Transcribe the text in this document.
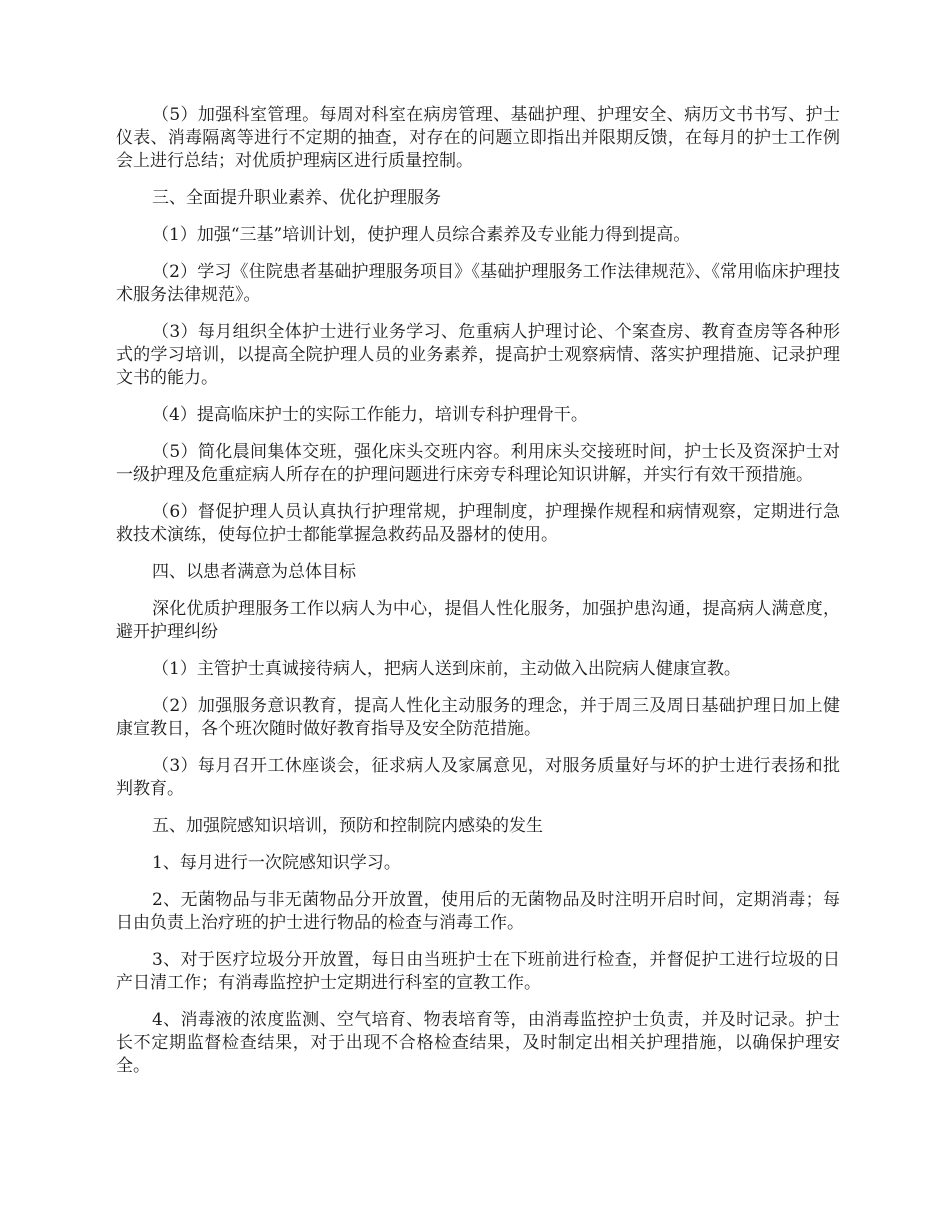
（5）加强科室管理。每周对科室在病房管理、基础护理、护理安全、病历文书书写、护士仪表、消毒隔离等进行不定期的抽查，对存在的问题立即指出并限期反馈，在每月的护士工作例会上进行总结；对优质护理病区进行质量控制。

三、全面提升职业素养、优化护理服务

（1）加强“三基”培训计划，使护理人员综合素养及专业能力得到提高。

（2）学习《住院患者基础护理服务项目》《基础护理服务工作法律规范》、《常用临床护理技术服务法律规范》。

（3）每月组织全体护士进行业务学习、危重病人护理讨论、个案查房、教育查房等各种形式的学习培训，以提高全院护理人员的业务素养，提高护士观察病情、落实护理措施、记录护理文书的能力。

（4）提高临床护士的实际工作能力，培训专科护理骨干。

（5）简化晨间集体交班，强化床头交班内容。利用床头交接班时间，护士长及资深护士对一级护理及危重症病人所存在的护理问题进行床旁专科理论知识讲解，并实行有效干预措施。

（6）督促护理人员认真执行护理常规，护理制度，护理操作规程和病情观察，定期进行急救技术演练，使每位护士都能掌握急救药品及器材的使用。

四、以患者满意为总体目标

深化优质护理服务工作以病人为中心，提倡人性化服务，加强护患沟通，提高病人满意度，避开护理纠纷

（1）主管护士真诚接待病人，把病人送到床前，主动做入出院病人健康宣教。

（2）加强服务意识教育，提高人性化主动服务的理念，并于周三及周日基础护理日加上健康宣教日，各个班次随时做好教育指导及安全防范措施。

（3）每月召开工休座谈会，征求病人及家属意见，对服务质量好与坏的护士进行表扬和批判教育。

五、加强院感知识培训，预防和控制院内感染的发生

1、每月进行一次院感知识学习。

2、无菌物品与非无菌物品分开放置，使用后的无菌物品及时注明开启时间，定期消毒；每日由负责上治疗班的护士进行物品的检查与消毒工作。

3、对于医疗垃圾分开放置，每日由当班护士在下班前进行检查，并督促护工进行垃圾的日产日清工作；有消毒监控护士定期进行科室的宣教工作。

4、消毒液的浓度监测、空气培育、物表培育等，由消毒监控护士负责，并及时记录。护士长不定期监督检查结果，对于出现不合格检查结果，及时制定出相关护理措施，以确保护理安全。
